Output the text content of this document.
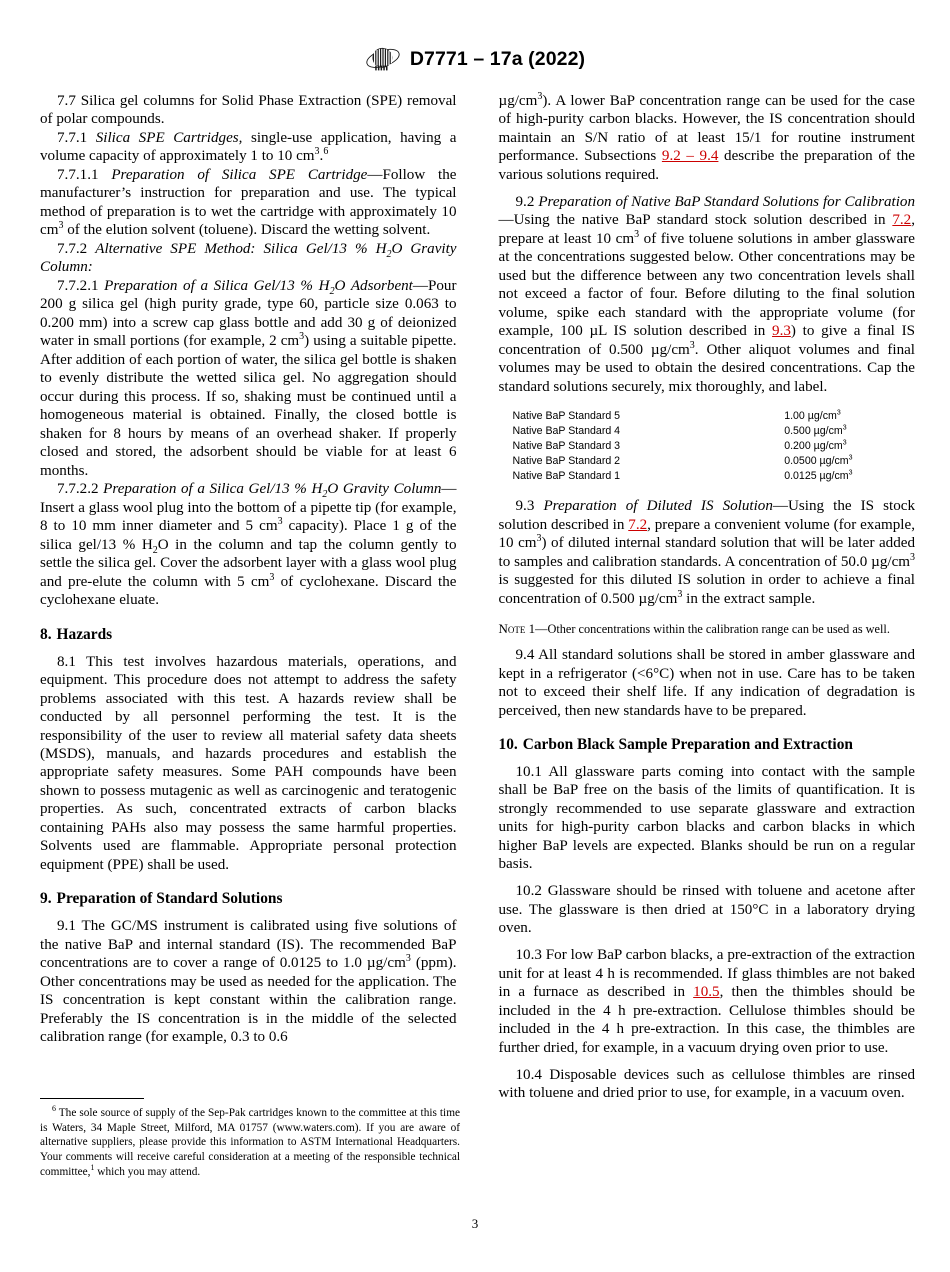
D7771 – 17a (2022)

7.7 Silica gel columns for Solid Phase Extraction (SPE) removal of polar compounds.

7.7.1 Silica SPE Cartridges, single-use application, having a volume capacity of approximately 1 to 10 $cm^3.^6$

7.7.1.1 Preparation of Silica SPE Cartridge—Follow the manufacturer’s instruction for preparation and use. The typical method of preparation is to wet the cartridge with approximately 10 $cm^3$ of the elution solvent (toluene). Discard the wetting solvent.

7.7.2 Alternative SPE Method: Silica Gel/13 % $H_2O$ Gravity Column:

7.7.2.1 Preparation of a Silica Gel/13 % $H_2O$ Adsorbent—Pour 200 g silica gel (high purity grade, type 60, particle size 0.063 to 0.200 mm) into a screw cap glass bottle and add 30 g of deionized water in small portions (for example, 2 $cm^3$) using a suitable pipette. After addition of each portion of water, the silica gel bottle is shaken to evenly distribute the wetted silica gel. No aggregation should occur during this process. If so, shaking must be continued until a homogeneous material is obtained. Finally, the closed bottle is shaken for 8 hours by means of an overhead shaker. If properly closed and stored, the adsorbent should be viable for at least 6 months.

7.7.2.2 Preparation of a Silica Gel/13 % $H_2O$ Gravity Column—Insert a glass wool plug into the bottom of a pipette tip (for example, 8 to 10 mm inner diameter and 5 $cm^3$ capacity). Place 1 g of the silica gel/13 % $H_2O$ in the column and tap the column gently to settle the silica gel. Cover the adsorbent layer with a glass wool plug and pre-elute the column with 5 $cm^3$ of cyclohexane. Discard the cyclohexane eluate.

8. Hazards

8.1 This test involves hazardous materials, operations, and equipment. This procedure does not attempt to address the safety problems associated with this test. A hazards review shall be conducted by all personnel performing the test. It is the responsibility of the user to review all material safety data sheets (MSDS), manuals, and hazards procedures and establish the appropriate safety measures. Some PAH compounds have been shown to possess mutagenic as well as carcinogenic and teratogenic properties. As such, concentrated extracts of carbon blacks containing PAHs also may possess the same harmful properties. Solvents used are flammable. Appropriate personal protection equipment (PPE) shall be used.

9. Preparation of Standard Solutions

9.1 The GC/MS instrument is calibrated using five solutions of the native BaP and internal standard (IS). The recommended BaP concentrations are to cover a range of 0.0125 to 1.0 $\mu g/cm^3$ (ppm). Other concentrations may be used as needed for the application. The IS concentration is kept constant within the calibration range. Preferably the IS concentration is in the middle of the selected calibration range (for example, 0.3 to 0.6

$\mu g/cm^3$). A lower BaP concentration range can be used for the case of high-purity carbon blacks. However, the IS concentration should maintain an S/N ratio of at least 15/1 for routine instrument performance. Subsections 9.2 – 9.4 describe the preparation of the various solutions required.

9.2 Preparation of Native BaP Standard Solutions for Calibration—Using the native BaP standard stock solution described in 7.2, prepare at least 10 $cm^3$ of five toluene solutions in amber glassware at the concentrations suggested below. Other concentrations may be used but the difference between any two concentration levels shall not exceed a factor of four. Before diluting to the final solution volume, spike each standard with the appropriate volume (for example, 100 µL IS solution described in 9.3) to give a final IS concentration of 0.500 $\mu g/cm^3$. Other aliquot volumes and final volumes may be used to obtain the desired concentrations. Cap the standard solutions securely, mix thoroughly, and label.

Native BaP Standard 5	1.00 $\mu g/cm^3$
Native BaP Standard 4	0.500 $\mu g/cm^3$
Native BaP Standard 3	0.200 $\mu g/cm^3$
Native BaP Standard 2	0.0500 $\mu g/cm^3$
Native BaP Standard 1	0.0125 $\mu g/cm^3$

9.3 Preparation of Diluted IS Solution—Using the IS stock solution described in 7.2, prepare a convenient volume (for example, 10 $cm^3$) of diluted internal standard solution that will be later added to samples and calibration standards. A concentration of 50.0 $\mu g/cm^3$ is suggested for this diluted IS solution in order to achieve a final concentration of 0.500 $\mu g/cm^3$ in the extract sample.

Note 1—Other concentrations within the calibration range can be used as well.

9.4 All standard solutions shall be stored in amber glassware and kept in a refrigerator (<6°C) when not in use. Care has to be taken not to exceed their shelf life. If any indication of degradation is perceived, then new standards have to be prepared.

10. Carbon Black Sample Preparation and Extraction

10.1 All glassware parts coming into contact with the sample shall be BaP free on the basis of the limits of quantification. It is strongly recommended to use separate glassware and extraction units for high-purity carbon blacks and carbon blacks in which higher BaP levels are expected. Blanks should be run on a regular basis.

10.2 Glassware should be rinsed with toluene and acetone after use. The glassware is then dried at 150°C in a laboratory drying oven.

10.3 For low BaP carbon blacks, a pre-extraction of the extraction unit for at least 4 h is recommended. If glass thimbles are not baked in a furnace as described in 10.5, then the thimbles should be included in the 4 h pre-extraction. Cellulose thimbles should be included in the 4 h pre-extraction. In this case, the thimbles are further dried, for example, in a vacuum drying oven prior to use.

10.4 Disposable devices such as cellulose thimbles are rinsed with toluene and dried prior to use, for example, in a vacuum oven.

$^6$ The sole source of supply of the Sep-Pak cartridges known to the committee at this time is Waters, 34 Maple Street, Milford, MA 01757 (www.waters.com). If you are aware of alternative suppliers, please provide this information to ASTM International Headquarters. Your comments will receive careful consideration at a meeting of the responsible technical committee,$^1$ which you may attend.

3
